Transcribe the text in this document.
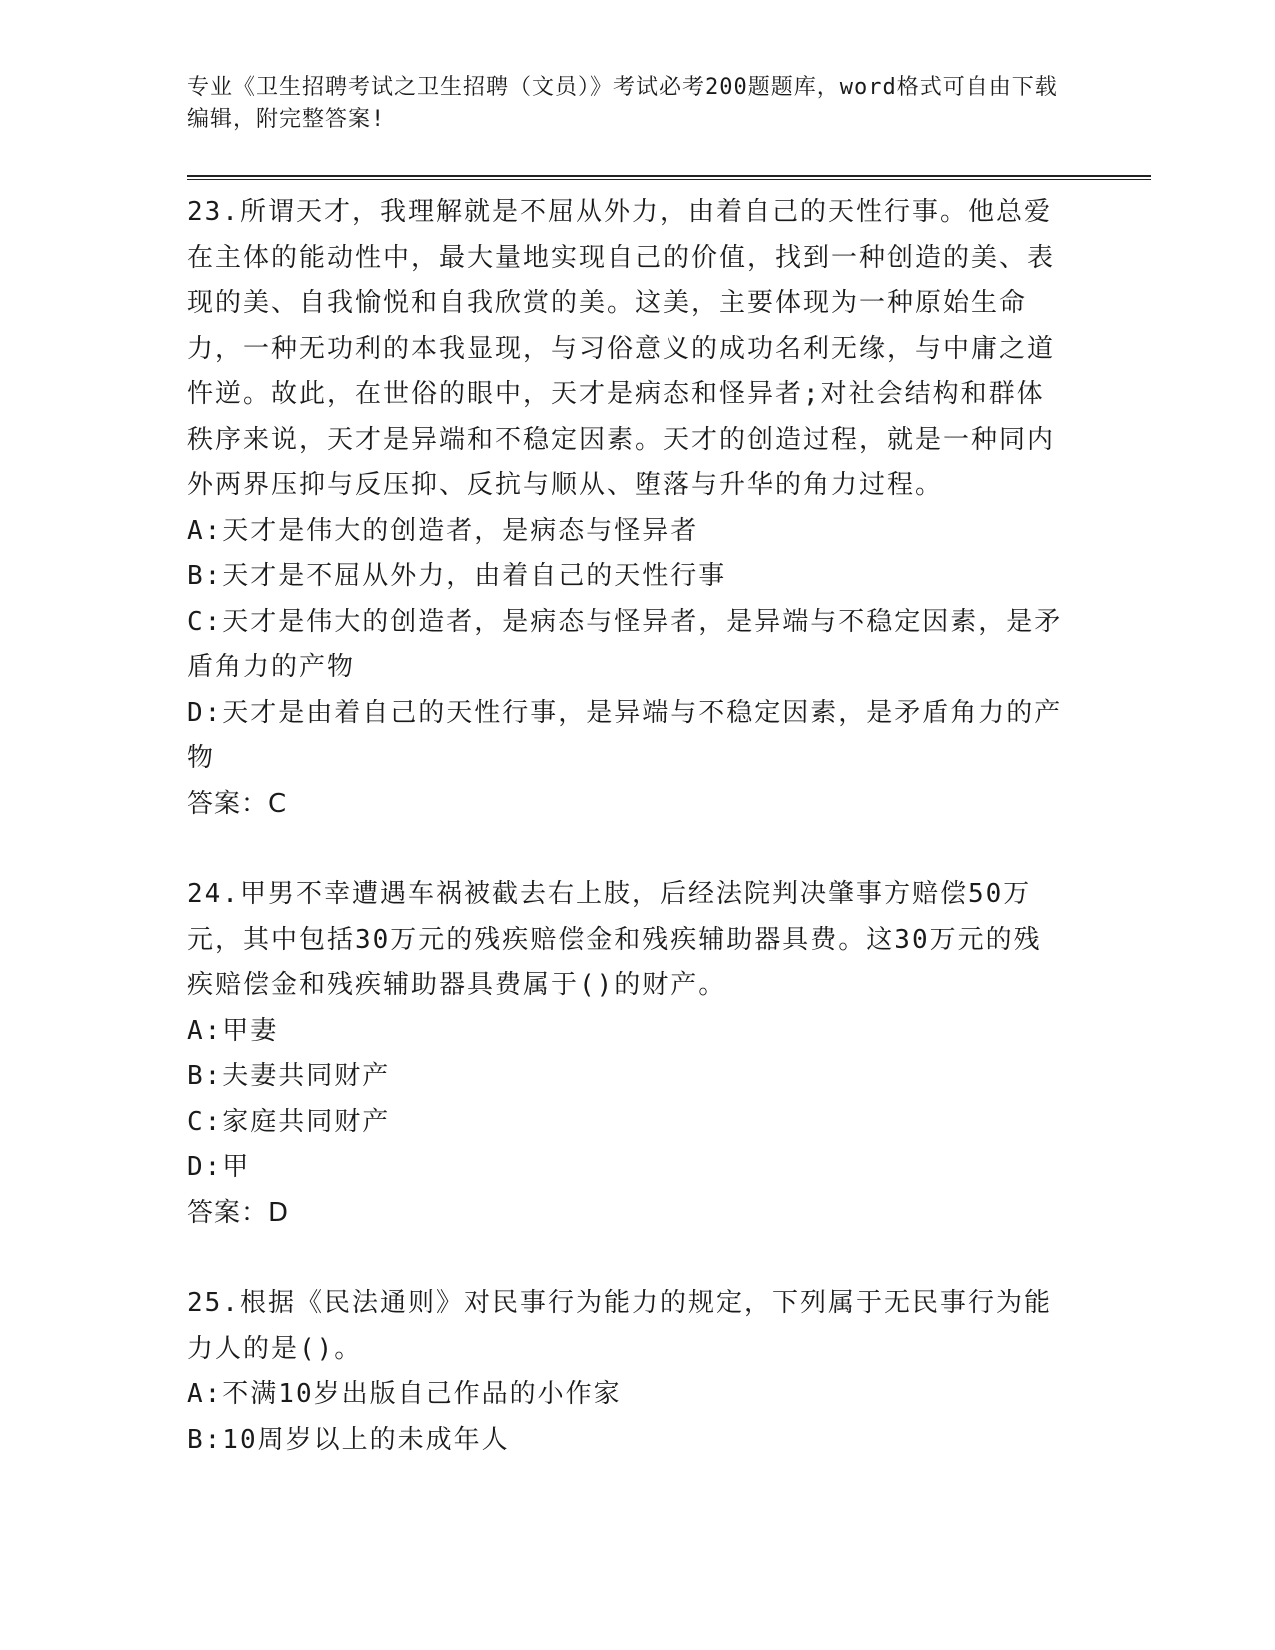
专业《卫生招聘考试之卫生招聘（文员）》考试必考200题题库，word格式可自由下载编辑，附完整答案!

23.所谓天才，我理解就是不屈从外力，由着自己的天性行事。他总爱在主体的能动性中，最大量地实现自己的价值，找到一种创造的美、表现的美、自我愉悦和自我欣赏的美。这美，主要体现为一种原始生命力，一种无功利的本我显现，与习俗意义的成功名利无缘，与中庸之道忤逆。故此，在世俗的眼中，天才是病态和怪异者;对社会结构和群体秩序来说，天才是异端和不稳定因素。天才的创造过程，就是一种同内外两界压抑与反压抑、反抗与顺从、堕落与升华的角力过程。

A:天才是伟大的创造者，是病态与怪异者

B:天才是不屈从外力，由着自己的天性行事

C:天才是伟大的创造者，是病态与怪异者，是异端与不稳定因素，是矛盾角力的产物

D:天才是由着自己的天性行事，是异端与不稳定因素，是矛盾角力的产物

答案：C

24.甲男不幸遭遇车祸被截去右上肢，后经法院判决肇事方赔偿50万元，其中包括30万元的残疾赔偿金和残疾辅助器具费。这30万元的残疾赔偿金和残疾辅助器具费属于()的财产。

A:甲妻

B:夫妻共同财产

C:家庭共同财产

D:甲

答案：D

25.根据《民法通则》对民事行为能力的规定，下列属于无民事行为能力人的是()。

A:不满10岁出版自己作品的小作家

B:10周岁以上的未成年人
